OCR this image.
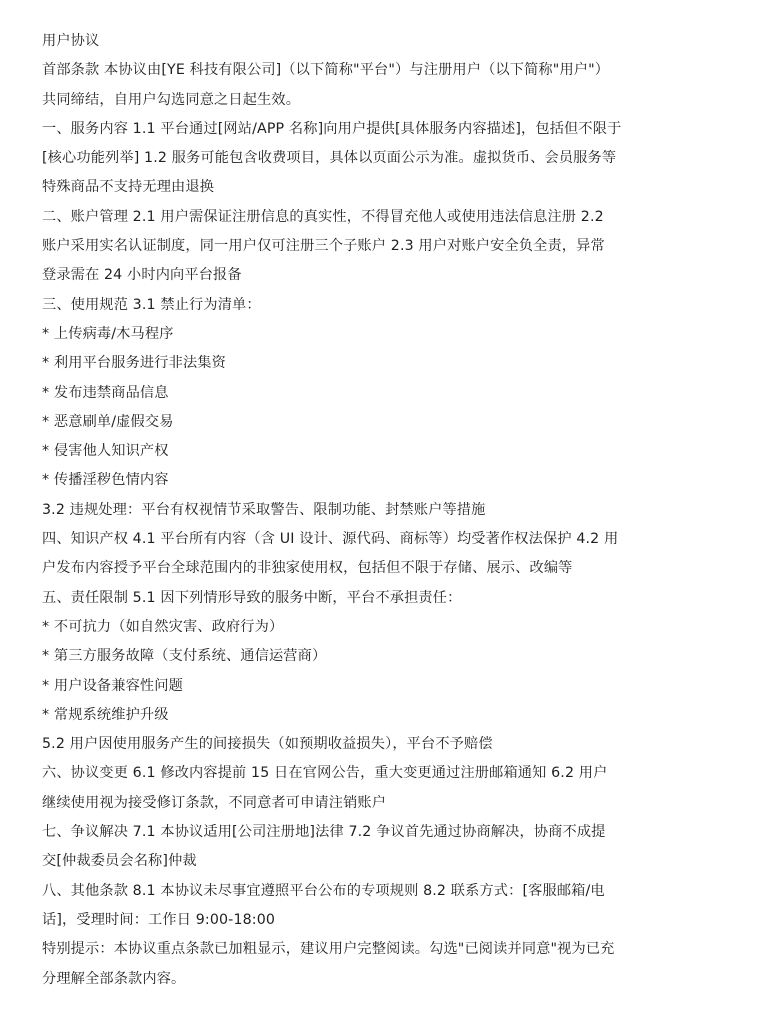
用户协议
首部条款 本协议由[YE 科技有限公司]（以下简称"平台"）与注册用户（以下简称"用户"）
共同缔结，自用户勾选同意之日起生效。
一、服务内容 1.1 平台通过[网站/APP 名称]向用户提供[具体服务内容描述]，包括但不限于
[核心功能列举] 1.2 服务可能包含收费项目，具体以页面公示为准。虚拟货币、会员服务等
特殊商品不支持无理由退换
二、账户管理 2.1 用户需保证注册信息的真实性，不得冒充他人或使用违法信息注册 2.2
账户采用实名认证制度，同一用户仅可注册三个子账户 2.3 用户对账户安全负全责，异常
登录需在 24 小时内向平台报备
三、使用规范 3.1 禁止行为清单：
* 上传病毒/木马程序
* 利用平台服务进行非法集资
* 发布违禁商品信息
* 恶意刷单/虚假交易
* 侵害他人知识产权
* 传播淫秽色情内容
3.2 违规处理：平台有权视情节采取警告、限制功能、封禁账户等措施
四、知识产权 4.1 平台所有内容（含 UI 设计、源代码、商标等）均受著作权法保护 4.2 用
户发布内容授予平台全球范围内的非独家使用权，包括但不限于存储、展示、改编等
五、责任限制 5.1 因下列情形导致的服务中断，平台不承担责任：
* 不可抗力（如自然灾害、政府行为）
* 第三方服务故障（支付系统、通信运营商）
* 用户设备兼容性问题
* 常规系统维护升级
5.2 用户因使用服务产生的间接损失（如预期收益损失），平台不予赔偿
六、协议变更 6.1 修改内容提前 15 日在官网公告，重大变更通过注册邮箱通知 6.2 用户
继续使用视为接受修订条款，不同意者可申请注销账户
七、争议解决 7.1 本协议适用[公司注册地]法律 7.2 争议首先通过协商解决，协商不成提
交[仲裁委员会名称]仲裁
八、其他条款 8.1 本协议未尽事宜遵照平台公布的专项规则 8.2 联系方式：[客服邮箱/电
话]，受理时间：工作日 9:00-18:00
特别提示：本协议重点条款已加粗显示，建议用户完整阅读。勾选"已阅读并同意"视为已充
分理解全部条款内容。
